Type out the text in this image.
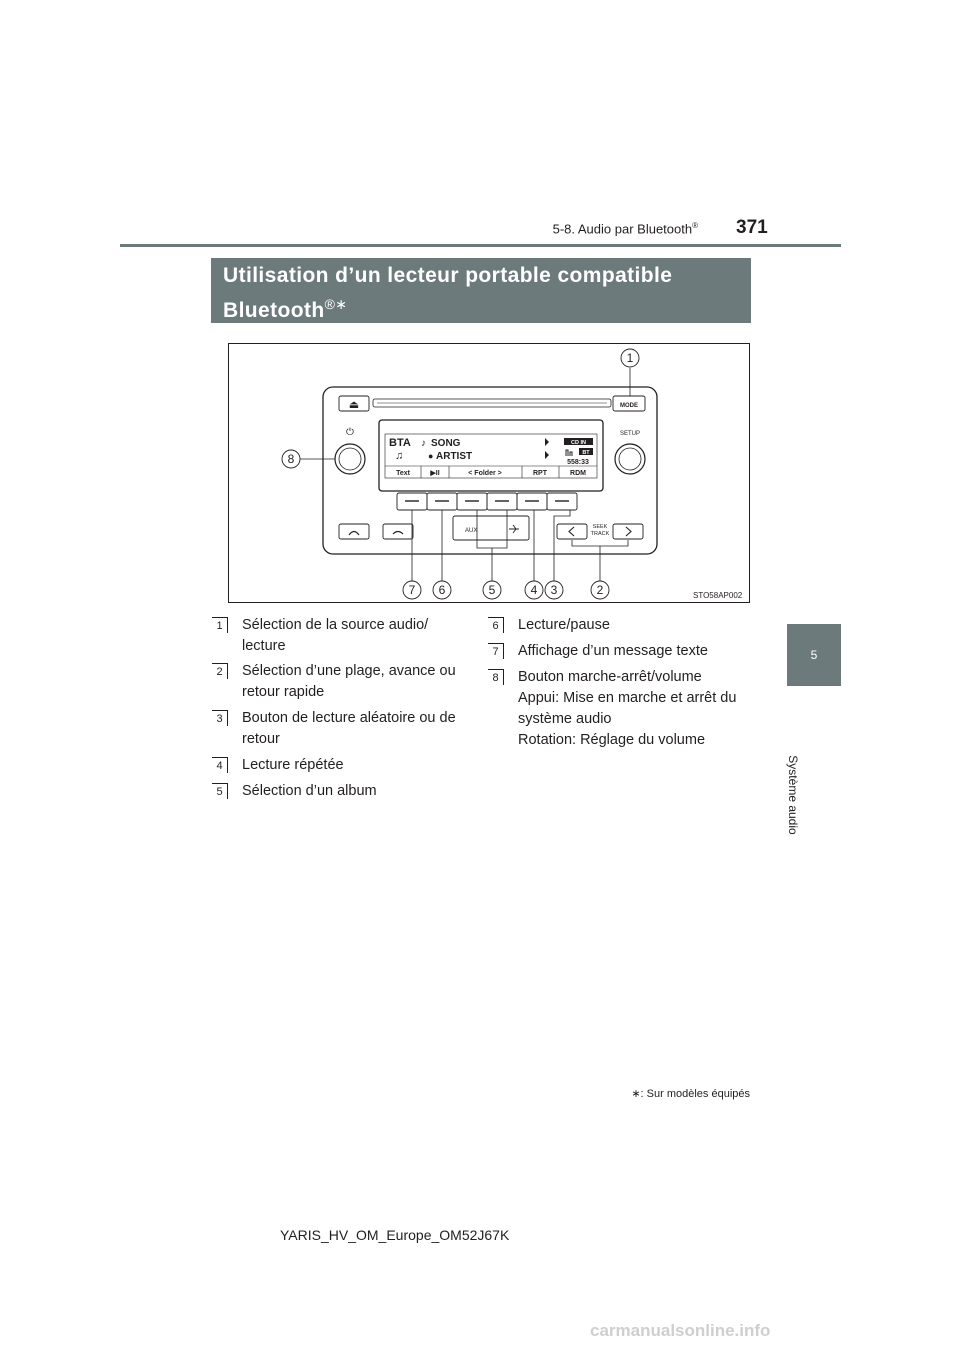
5-8. Audio par Bluetooth® 371
5
Système audio
Utilisation d’un lecteur portable compatible
Bluetooth®∗
⏏	MODE
⏻	SETUP
BTA ♪ SONG
♫	● ARTIST
CD IN
BT
558:33
Text	▶II	< Folder >	RPT	RDM
AUX
SEEK
TRACK
1
2
3
4
5
6
7
8
STO58AP002
1	Sélection de la source audio/
lecture
2	Sélection d’une plage, avance ou
retour rapide
3	Bouton de lecture aléatoire ou de
retour
4	Lecture répétée
5	Sélection d’un album
6	Lecture/pause
7	Affichage d’un message texte
8	Bouton marche-arrêt/volume
Appui: Mise en marche et arrêt du
système audio
Rotation: Réglage du volume
∗: Sur modèles équipés
YARIS_HV_OM_Europe_OM52J67K
carmanualsonline.info
